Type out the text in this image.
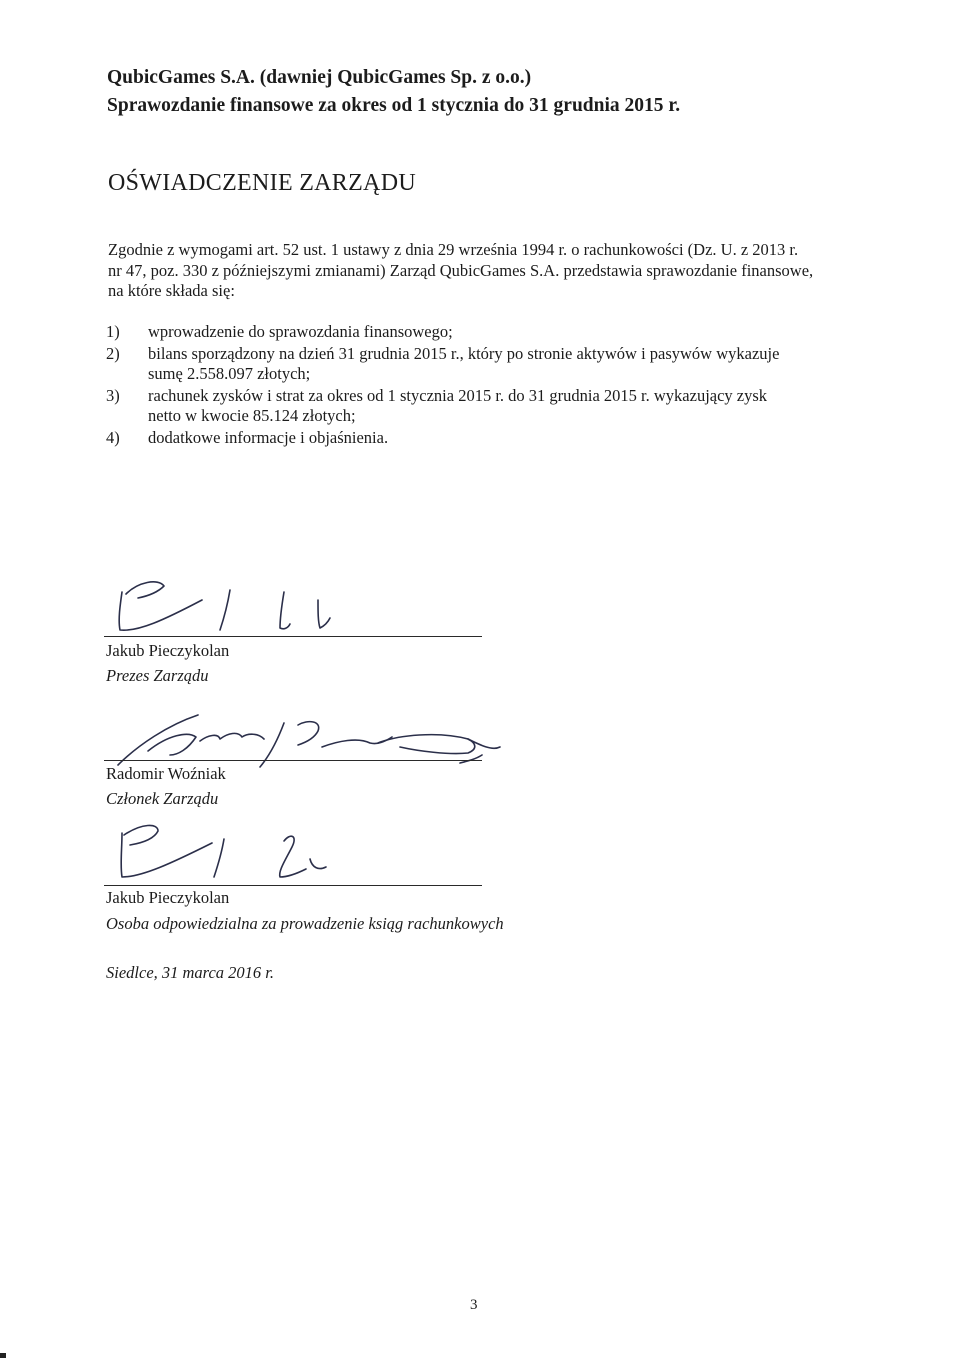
QubicGames S.A. (dawniej QubicGames Sp. z o.o.)
Sprawozdanie finansowe za okres od 1 stycznia do 31 grudnia 2015 r.
OŚWIADCZENIE ZARZĄDU
Zgodnie z wymogami art. 52 ust. 1 ustawy z dnia 29 września 1994 r. o rachunkowości (Dz. U. z 2013 r.
nr 47, poz. 330 z późniejszymi zmianami) Zarząd QubicGames S.A. przedstawia sprawozdanie finansowe,
na które składa się:
1) wprowadzenie do sprawozdania finansowego;
2) bilans sporządzony na dzień 31 grudnia 2015 r., który po stronie aktywów i pasywów wykazuje
sumę 2.558.097 złotych;
3) rachunek zysków i strat za okres od 1 stycznia 2015 r. do 31 grudnia 2015 r. wykazujący zysk
netto w kwocie 85.124 złotych;
4) dodatkowe informacje i objaśnienia.
Jakub Pieczykolan
Prezes Zarządu
Radomir Woźniak
Członek Zarządu
Jakub Pieczykolan
Osoba odpowiedzialna za prowadzenie ksiąg rachunkowych
Siedlce, 31 marca 2016 r.
3
